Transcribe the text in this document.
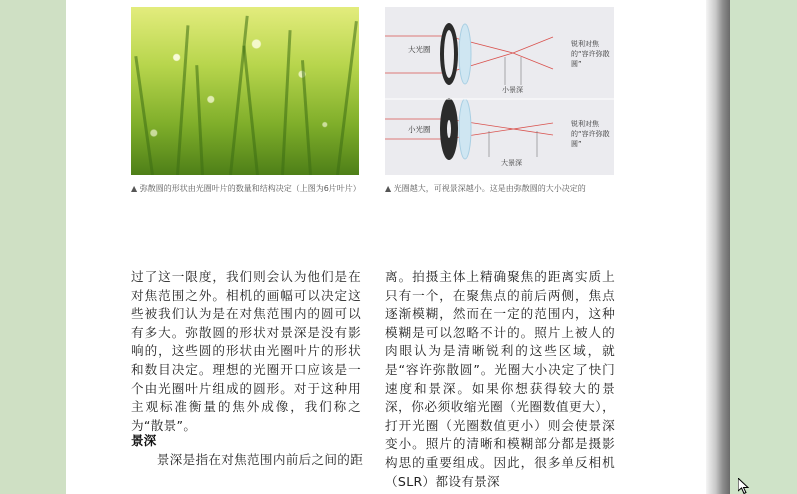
大光圈
小光圈
小景深
大景深
锐利对焦的“容许弥散圆”
锐利对焦的“容许弥散圆”
▲ 弥散圆的形状由光圈叶片的数量和结构决定（上图为6片叶片）	▲ 光圈越大，可视景深越小。这是由弥散圆的大小决定的

过了这一限度，我们则会认为他们是在对焦范围之外。相机的画幅可以决定这些被我们认为是在对焦范围内的圆可以有多大。弥散圆的形状对景深是没有影响的，这些圆的形状由光圈叶片的形状和数目决定。理想的光圈开口应该是一个由光圈叶片组成的圆形。对于这种用主观标准衡量的焦外成像，我们称之为“散景”。

景深
　　景深是指在对焦范围内前后之间的距

离。拍摄主体上精确聚焦的距离实质上只有一个，在聚焦点的前后两侧，焦点逐渐模糊，然而在一定的范围内，这种模糊是可以忽略不计的。照片上被人的肉眼认为是清晰锐利的这些区域，就是“容许弥散圆”。光圈大小决定了快门速度和景深。如果你想获得较大的景深，你必须收缩光圈（光圈数值更大），打开光圈（光圈数值更小）则会使景深变小。照片的清晰和模糊部分都是摄影构思的重要组成。因此，很多单反相机（SLR）都设有景深
